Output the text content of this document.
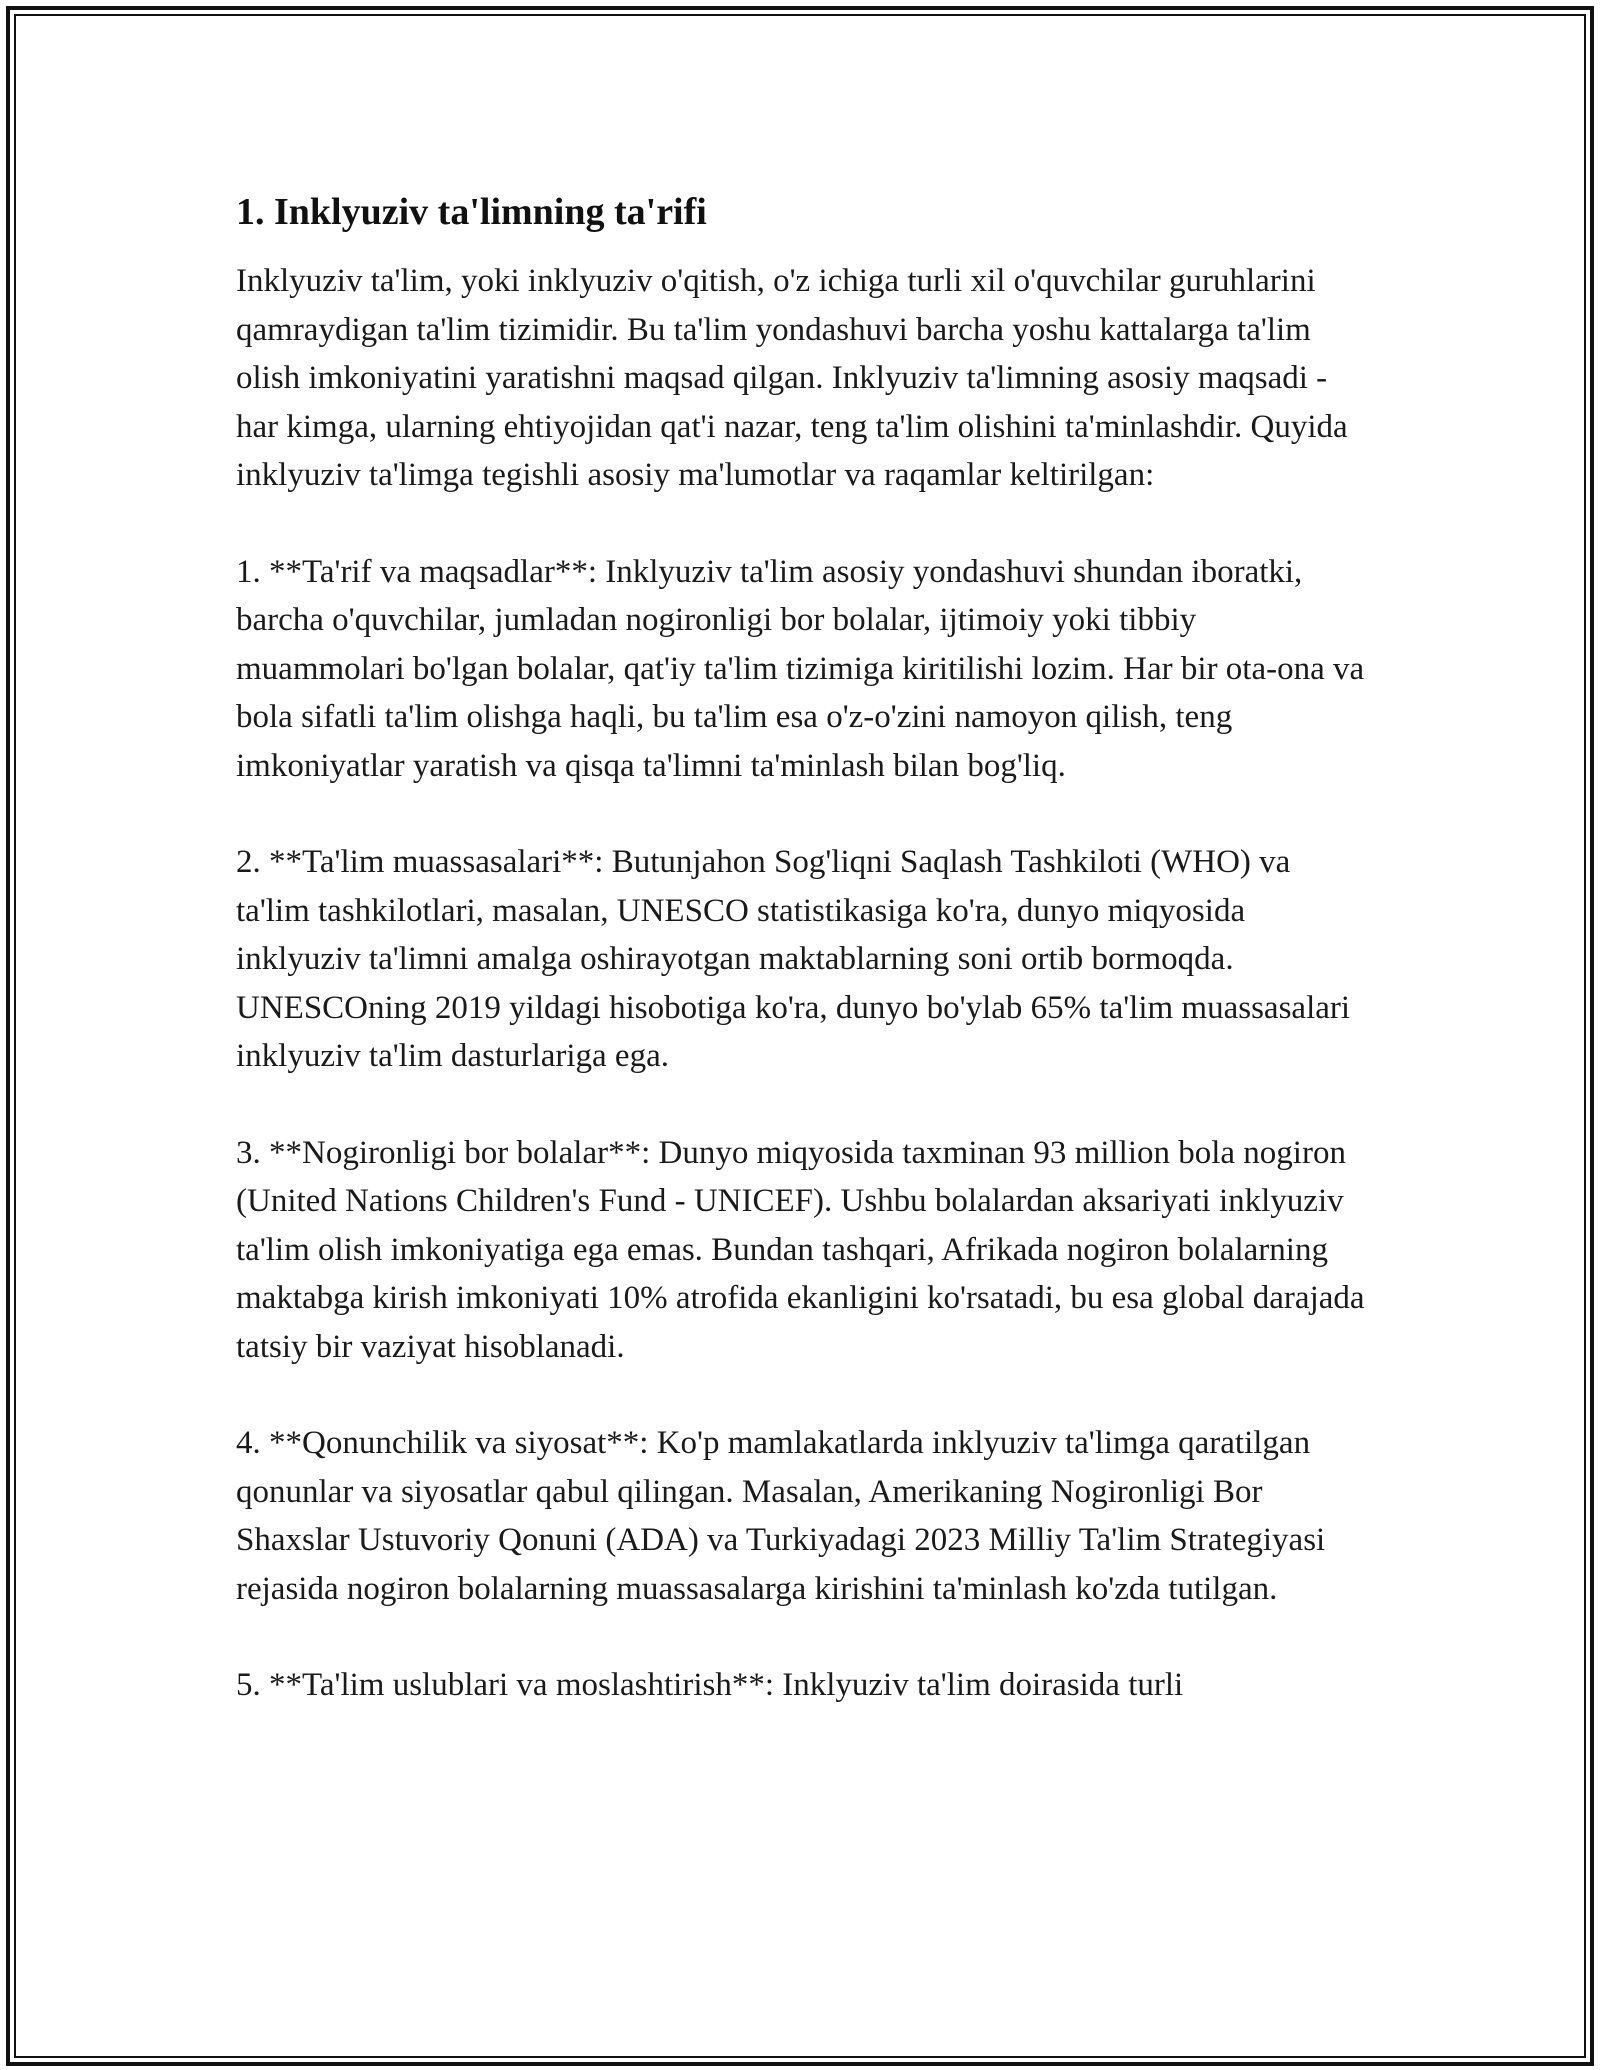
1. Inklyuziv ta'limning ta'rifi

Inklyuziv ta'lim, yoki inklyuziv o'qitish, o'z ichiga turli xil o'quvchilar guruhlarini qamraydigan ta'lim tizimidir. Bu ta'lim yondashuvi barcha yoshu kattalarga ta'lim olish imkoniyatini yaratishni maqsad qilgan. Inklyuziv ta'limning asosiy maqsadi - har kimga, ularning ehtiyojidan qat'i nazar, teng ta'lim olishini ta'minlashdir. Quyida inklyuziv ta'limga tegishli asosiy ma'lumotlar va raqamlar keltirilgan:

1. **Ta'rif va maqsadlar**: Inklyuziv ta'lim asosiy yondashuvi shundan iboratki, barcha o'quvchilar, jumladan nogironligi bor bolalar, ijtimoiy yoki tibbiy muammolari bo'lgan bolalar, qat'iy ta'lim tizimiga kiritilishi lozim. Har bir ota-ona va bola sifatli ta'lim olishga haqli, bu ta'lim esa o'z-o'zini namoyon qilish, teng imkoniyatlar yaratish va qisqa ta'limni ta'minlash bilan bog'liq.

2. **Ta'lim muassasalari**: Butunjahon Sog'liqni Saqlash Tashkiloti (WHO) va ta'lim tashkilotlari, masalan, UNESCO statistikasiga ko'ra, dunyo miqyosida inklyuziv ta'limni amalga oshirayotgan maktablarning soni ortib bormoqda. UNESCOning 2019 yildagi hisobotiga ko'ra, dunyo bo'ylab 65% ta'lim muassasalari inklyuziv ta'lim dasturlariga ega.

3. **Nogironligi bor bolalar**: Dunyo miqyosida taxminan 93 million bola nogiron (United Nations Children's Fund - UNICEF). Ushbu bolalardan aksariyati inklyuziv ta'lim olish imkoniyatiga ega emas. Bundan tashqari, Afrikada nogiron bolalarning maktabga kirish imkoniyati 10% atrofida ekanligini ko'rsatadi, bu esa global darajada tatsiy bir vaziyat hisoblanadi.

4. **Qonunchilik va siyosat**: Ko'p mamlakatlarda inklyuziv ta'limga qaratilgan qonunlar va siyosatlar qabul qilingan. Masalan, Amerikaning Nogironligi Bor Shaxslar Ustuvoriy Qonuni (ADA) va Turkiyadagi 2023 Milliy Ta'lim Strategiyasi rejasida nogiron bolalarning muassasalarga kirishini ta'minlash ko'zda tutilgan.

5. **Ta'lim uslublari va moslashtirish**: Inklyuziv ta'lim doirasida turli
